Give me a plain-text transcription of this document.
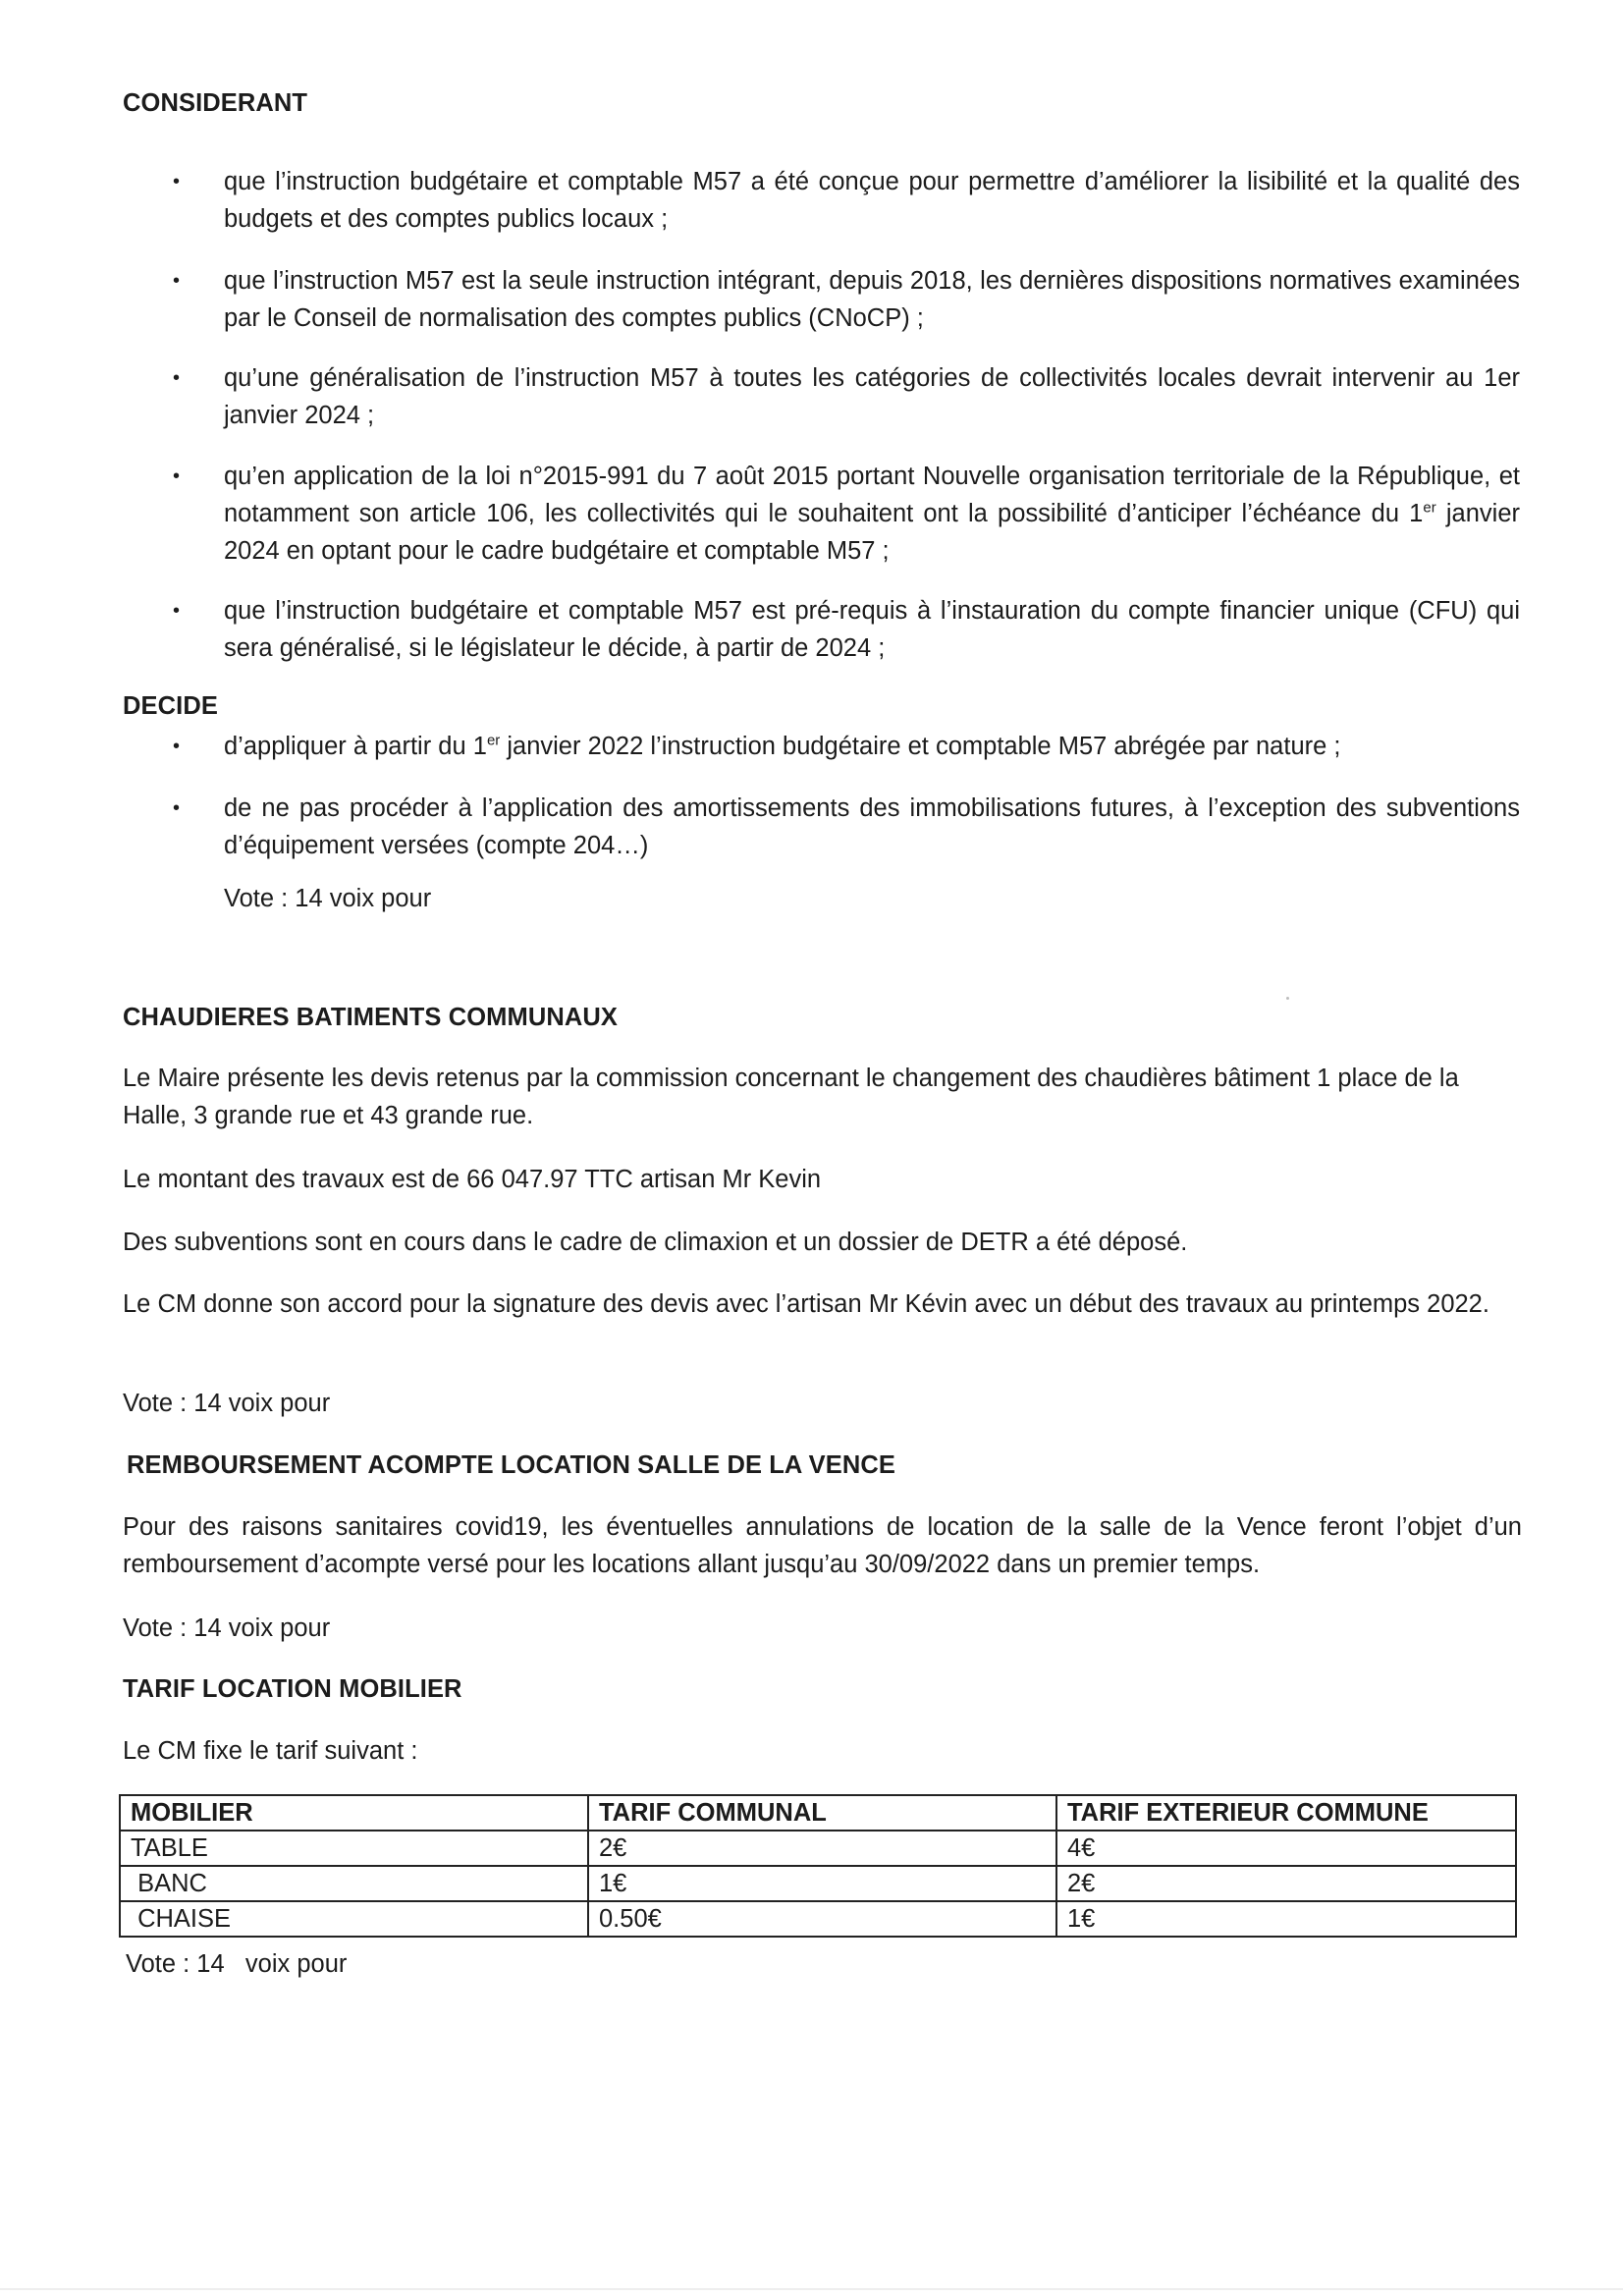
CONSIDERANT

• que l’instruction budgétaire et comptable M57 a été conçue pour permettre d’améliorer la lisibilité et la qualité des budgets et des comptes publics locaux ;

• que l’instruction M57 est la seule instruction intégrant, depuis 2018, les dernières dispositions normatives examinées par le Conseil de normalisation des comptes publics (CNoCP) ;

• qu’une généralisation de l’instruction M57 à toutes les catégories de collectivités locales devrait intervenir au 1er janvier 2024 ;

• qu’en application de la loi n°2015-991 du 7 août 2015 portant Nouvelle organisation territoriale de la République, et notamment son article 106, les collectivités qui le souhaitent ont la possibilité d’anticiper l’échéance du 1er janvier 2024 en optant pour le cadre budgétaire et comptable M57 ;

• que l’instruction budgétaire et comptable M57 est pré-requis à l’instauration du compte financier unique (CFU) qui sera généralisé, si le législateur le décide, à partir de 2024 ;

DECIDE

• d’appliquer à partir du 1er janvier 2022 l’instruction budgétaire et comptable M57 abrégée par nature ;

• de ne pas procéder à l’application des amortissements des immobilisations futures, à l’exception des subventions d’équipement versées (compte 204…)

Vote : 14 voix pour

CHAUDIERES BATIMENTS COMMUNAUX

Le Maire présente les devis retenus par la commission concernant le changement des chaudières bâtiment 1 place de la Halle, 3 grande rue et 43 grande rue.

Le montant des travaux est de 66 047.97 TTC artisan Mr Kevin

Des subventions sont en cours dans le cadre de climaxion et un dossier de DETR a été déposé.

Le CM donne son accord pour la signature des devis avec l’artisan Mr Kévin avec un début des travaux au printemps 2022.

Vote : 14 voix pour

REMBOURSEMENT ACOMPTE LOCATION SALLE DE LA VENCE

Pour des raisons sanitaires covid19, les éventuelles annulations de location de la salle de la Vence feront l’objet d’un remboursement d’acompte versé pour les locations allant jusqu’au 30/09/2022 dans un premier temps.

Vote : 14 voix pour

TARIF LOCATION MOBILIER

Le CM fixe le tarif suivant :

MOBILIER	TARIF COMMUNAL	TARIF EXTERIEUR COMMUNE
TABLE	2€	4€
BANC	1€	2€
CHAISE	0.50€	1€

Vote : 14   voix pour
